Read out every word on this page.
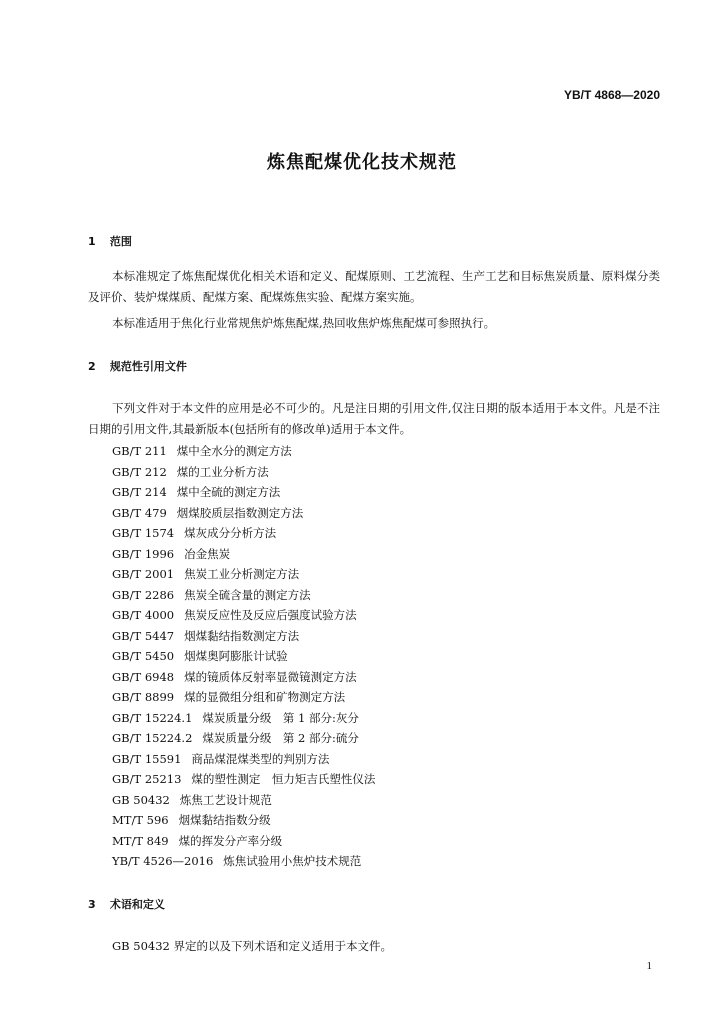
YB/T 4868—2020
炼焦配煤优化技术规范
1 范围
本标准规定了炼焦配煤优化相关术语和定义、配煤原则、工艺流程、生产工艺和目标焦炭质量、原料煤分类及评价、装炉煤煤质、配煤方案、配煤炼焦实验、配煤方案实施。
本标准适用于焦化行业常规焦炉炼焦配煤,热回收焦炉炼焦配煤可参照执行。
2 规范性引用文件
下列文件对于本文件的应用是必不可少的。凡是注日期的引用文件,仅注日期的版本适用于本文件。凡是不注日期的引用文件,其最新版本(包括所有的修改单)适用于本文件。
GB/T 211 煤中全水分的测定方法
GB/T 212 煤的工业分析方法
GB/T 214 煤中全硫的测定方法
GB/T 479 烟煤胶质层指数测定方法
GB/T 1574 煤灰成分分析方法
GB/T 1996 冶金焦炭
GB/T 2001 焦炭工业分析测定方法
GB/T 2286 焦炭全硫含量的测定方法
GB/T 4000 焦炭反应性及反应后强度试验方法
GB/T 5447 烟煤黏结指数测定方法
GB/T 5450 烟煤奥阿膨胀计试验
GB/T 6948 煤的镜质体反射率显微镜测定方法
GB/T 8899 煤的显微组分组和矿物测定方法
GB/T 15224.1 煤炭质量分级　第 1 部分:灰分
GB/T 15224.2 煤炭质量分级　第 2 部分:硫分
GB/T 15591 商品煤混煤类型的判别方法
GB/T 25213 煤的塑性测定　恒力矩吉氏塑性仪法
GB 50432 炼焦工艺设计规范
MT/T 596 烟煤黏结指数分级
MT/T 849 煤的挥发分产率分级
YB/T 4526—2016 炼焦试验用小焦炉技术规范
3 术语和定义
GB 50432 界定的以及下列术语和定义适用于本文件。
1
